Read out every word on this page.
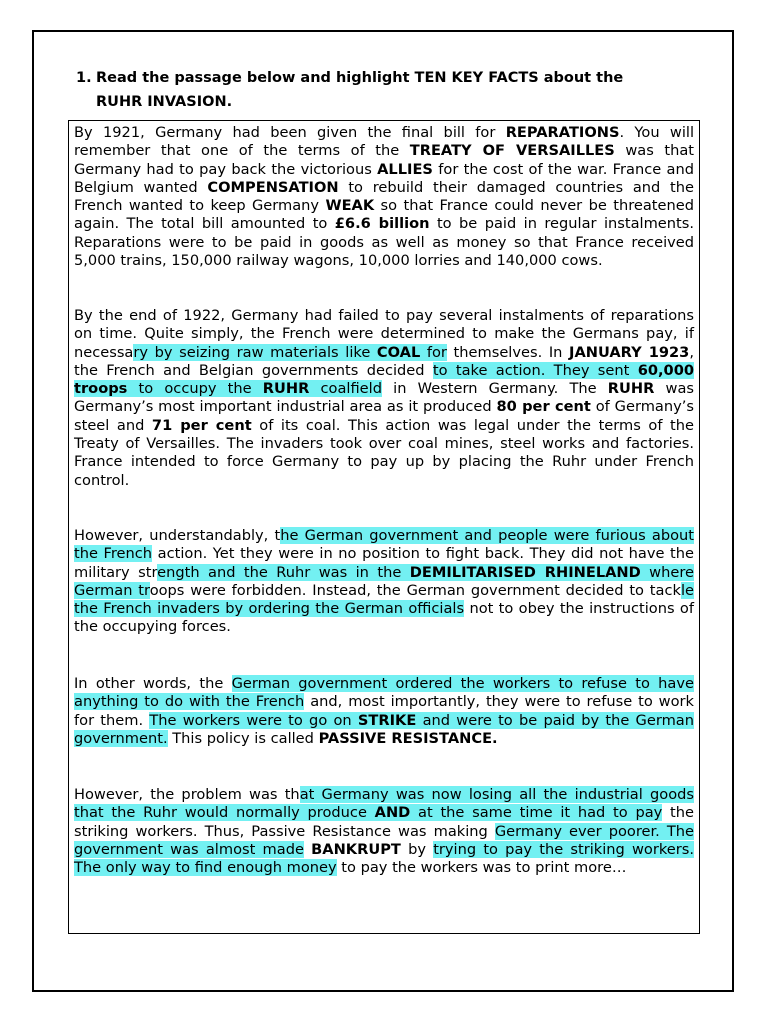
1. Read the passage below and highlight TEN KEY FACTS about the
RUHR INVASION.

By 1921, Germany had been given the final bill for REPARATIONS. You will remember that one of the terms of the TREATY OF VERSAILLES was that Germany had to pay back the victorious ALLIES for the cost of the war. France and Belgium wanted COMPENSATION to rebuild their damaged countries and the French wanted to keep Germany WEAK so that France could never be threatened again. The total bill amounted to £6.6 billion to be paid in regular instalments. Reparations were to be paid in goods as well as money so that France received 5,000 trains, 150,000 railway wagons, 10,000 lorries and 140,000 cows.

By the end of 1922, Germany had failed to pay several instalments of reparations on time. Quite simply, the French were determined to make the Germans pay, if necessary by seizing raw materials like COAL for themselves. In JANUARY 1923, the French and Belgian governments decided to take action. They sent 60,000 troops to occupy the RUHR coalfield in Western Germany. The RUHR was Germany’s most important industrial area as it produced 80 per cent of Germany’s steel and 71 per cent of its coal. This action was legal under the terms of the Treaty of Versailles. The invaders took over coal mines, steel works and factories. France intended to force Germany to pay up by placing the Ruhr under French control.

However, understandably, the German government and people were furious about the French action. Yet they were in no position to fight back. They did not have the military strength and the Ruhr was in the DEMILITARISED RHINELAND where German troops were forbidden. Instead, the German government decided to tackle the French invaders by ordering the German officials not to obey the instructions of the occupying forces.

In other words, the German government ordered the workers to refuse to have anything to do with the French and, most importantly, they were to refuse to work for them. The workers were to go on STRIKE and were to be paid by the German government. This policy is called PASSIVE RESISTANCE.

However, the problem was that Germany was now losing all the industrial goods that the Ruhr would normally produce AND at the same time it had to pay the striking workers. Thus, Passive Resistance was making Germany ever poorer. The government was almost made BANKRUPT by trying to pay the striking workers. The only way to find enough money to pay the workers was to print more…
